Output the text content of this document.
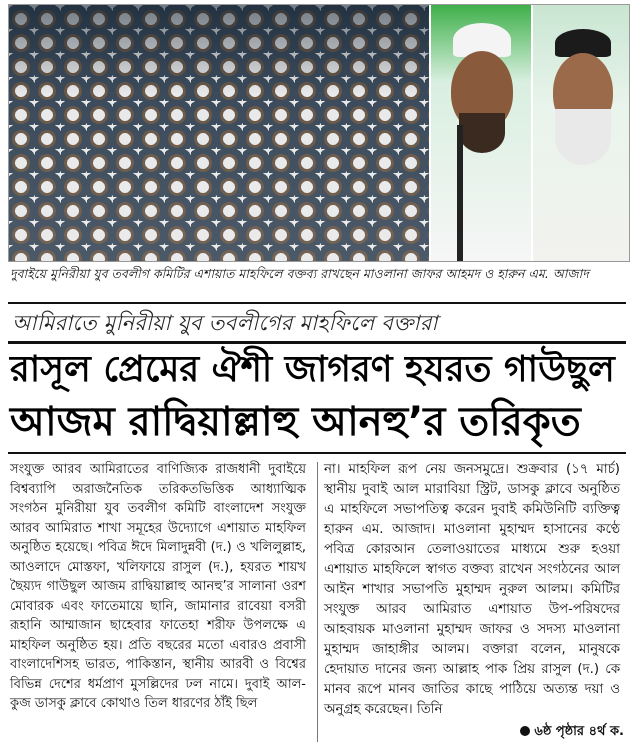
দুবাইয়ে মুনিরীয়া যুব তবলীগ কমিটির এশায়াত মাহফিলে বক্তব্য রাখছেন মাওলানা জাফর আহমদ ও হারুন এম. আজাদ
আমিরাতে মুনিরীয়া যুব তবলীগের মাহফিলে বক্তারা
রাসূল প্রেমের ঐশী জাগরণ হযরত গাউছুল
আজম রাদ্বিয়াল্লাহু আনহু’র তরিকৃত
সংযুক্ত আরব আমিরাতের বাণিজ্যিক রাজধানী দুবাইয়ে বিশ্বব্যাপি অরাজনৈতিক তরিকতভিত্তিক আধ্যাত্মিক সংগঠন মুনিরীয়া যুব তবলীগ কমিটি বাংলাদেশ সংযুক্ত আরব আমিরাত শাখা সমূহের উদ্যোগে এশায়াত মাহফিল অনুষ্ঠিত হয়েছে। পবিত্র ঈদে মিলাদুন্নবী (দ.) ও খলিলুল্লাহ, আওলাদে মোস্তফা, খলিফায়ে রাসুল (দ.), হযরত শায়খ ছৈয়্যদ গাউছুল আজম রাদ্বিয়াল্লাহু আনহু’র সালানা ওরশ মোবারক এবং ফাতেমায়ে ছানি, জামানার রাবেয়া বসরী রূহানি আম্মাজান ছাহেবার ফাতেহা শরীফ উপলক্ষে এ মাহফিল অনুষ্ঠিত হয়। প্রতি বছরের মতো এবারও প্রবাসী বাংলাদেশিসহ ভারত, পাকিস্তান, স্থানীয় আরবী ও বিশ্বের বিভিন্ন দেশের ধর্মপ্রাণ মুসল্লিদের ঢল নামে। দুবাই আল-কুজ ডাসকু ক্লাবে কোথাও তিল ধারণের ঠাঁই ছিল
না। মাহফিল রূপ নেয় জনসমুদ্রে। শুক্রবার (১৭ মার্চ) স্থানীয় দুবাই আল মারাবিয়া স্ট্রিট, ডাসকু ক্লাবে অনুষ্ঠিত এ মাহফিলে সভাপতিত্ব করেন দুবাই কমিউনিটি ব্যক্তিত্ব হারুন এম. আজাদ। মাওলানা মুহাম্মদ হাসানের কণ্ঠে পবিত্র কোরআন তেলাওয়াতের মাধ্যমে শুরু হওয়া এশায়াত মাহফিলে স্বাগত বক্তব্য রাখেন সংগঠনের আল আইন শাখার সভাপতি মুহাম্মদ নুরুল আলম। কমিটির সংযুক্ত আরব আমিরাত এশায়াত উপ-পরিষদের আহবায়ক মাওলানা মুহাম্মদ জাফর ও সদস্য মাওলানা মুহাম্মদ জাহাঙ্গীর আলম। বক্তারা বলেন, মানুষকে হেদায়াত দানের জন্য আল্লাহ পাক প্রিয় রাসুল (দ.) কে মানব রূপে মানব জাতির কাছে পাঠিয়ে অত্যন্ত দয়া ও অনুগ্রহ করেছেন। তিনি
৬ষ্ঠ পৃষ্ঠার ৪র্থ ক.
